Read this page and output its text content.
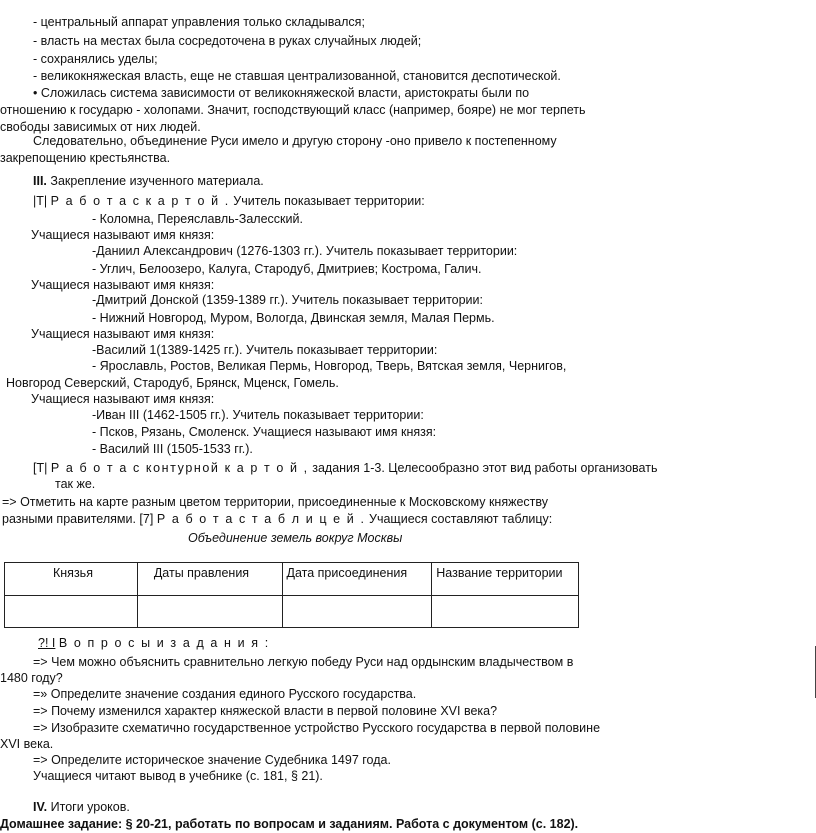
- центральный аппарат управления только складывался;
- власть на местах была сосредоточена в руках случайных людей;
- сохранялись уделы;
- великокняжеская власть, еще не ставшая централизованной, становится деспотической.
• Сложилась система зависимости от великокняжеской власти, аристократы были по
отношению к государю - холопами. Значит, господствующий класс (например, бояре) не мог терпеть
свободы зависимых от них людей.
Следовательно, объединение Руси имело и другую сторону -оно привело к постепенному
закрепощению крестьянства.
III. Закрепление изученного материала.
|T| Р а б о т а с к а р т о й . Учитель показывает территории:
- Коломна, Переяславль-Залесский.
Учащиеся называют имя князя:
-Даниил Александрович (1276-1303 гг.). Учитель показывает территории:
- Углич, Белоозеро, Калуга, Стародуб, Дмитриев; Кострома, Галич.
Учащиеся называют имя князя:
-Дмитрий Донской (1359-1389 гг.). Учитель показывает территории:
- Нижний Новгород, Муром, Вологда, Двинская земля, Малая Пермь.
Учащиеся называют имя князя:
-Василий 1(1389-1425 гг.). Учитель показывает территории:
- Ярославль, Ростов, Великая Пермь, Новгород, Тверь, Вятская земля, Чернигов,
Новгород Северский, Стародуб, Брянск, Мценск, Гомель.
Учащиеся называют имя князя:
-Иван III (1462-1505 гг.). Учитель показывает территории:
- Псков, Рязань, Смоленск. Учащиеся называют имя князя:
- Василий III (1505-1533 гг.).
[T| Р а б о т а с контурной к а р т о й , задания 1-3. Целесообразно этот вид работы организовать
так же.
=> Отметить на карте разным цветом территории, присоединенные к Московскому княжеству
разными правителями. [7] Р а б о т а с т а б л и ц е й . Учащиеся составляют таблицу:
Объединение земель вокруг Москвы
Князья	Даты правления	Дата присоединения	Название территории

?! I В о п р о с ы и з а д а н и я :
=> Чем можно объяснить сравнительно легкую победу Руси над ордынским владычеством в
1480 году?
=» Определите значение создания единого Русского государства.
=> Почему изменился характер княжеской власти в первой половине XVI века?
=> Изобразите схематично государственное устройство Русского государства в первой половине
XVI века.
=> Определите историческое значение Судебника 1497 года.
Учащиеся читают вывод в учебнике (с. 181, § 21).
IV. Итоги уроков.
Домашнее задание: § 20-21, работать по вопросам и заданиям. Работа с документом (с. 182).
